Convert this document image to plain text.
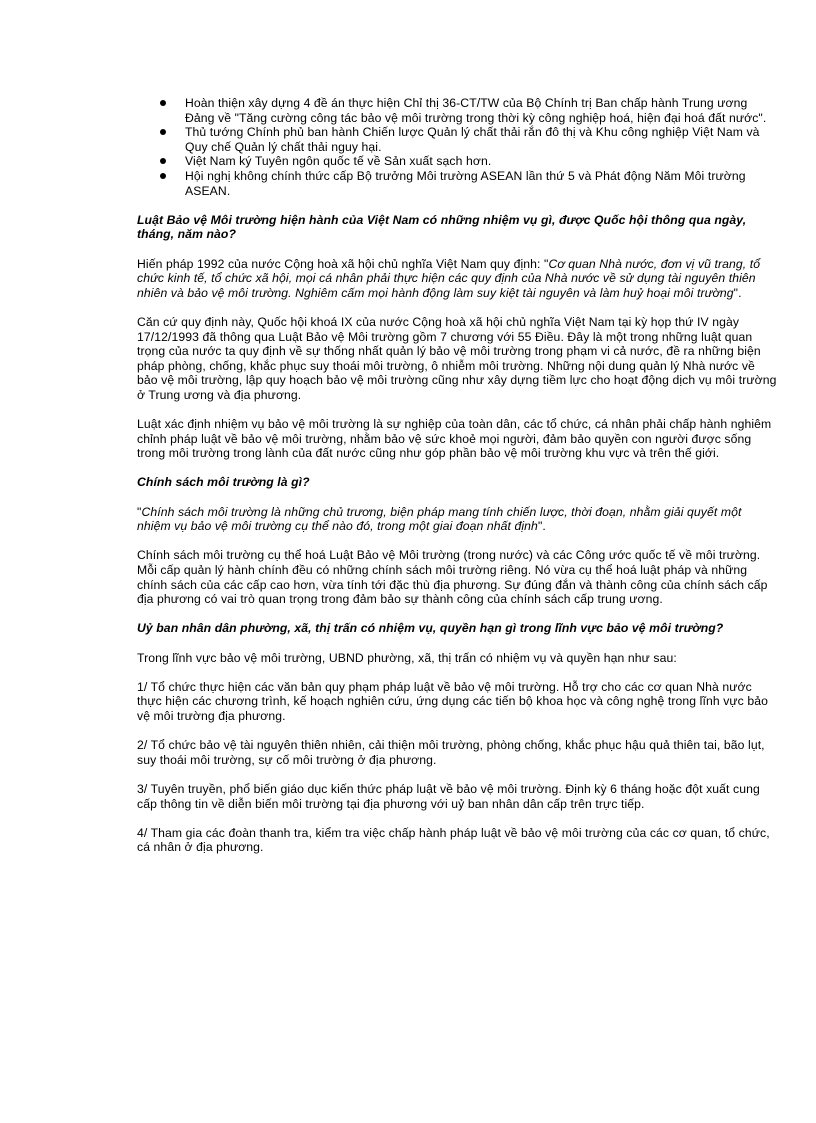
Hoàn thiện xây dựng 4 đề án thực hiện Chỉ thị 36-CT/TW của Bộ Chính trị Ban chấp hành Trung ương Đảng về "Tăng cường công tác bảo vệ môi trường trong thời kỳ công nghiệp hoá, hiện đại hoá đất nước".
Thủ tướng Chính phủ ban hành Chiến lược Quản lý chất thải rắn đô thị và Khu công nghiệp Việt Nam và Quy chế Quản lý chất thải nguy hại.
Việt Nam ký Tuyên ngôn quốc tế về Sản xuất sạch hơn.
Hội nghị không chính thức cấp Bộ trưởng Môi trường ASEAN lần thứ 5 và Phát động Năm Môi trường ASEAN.

Luật Bảo vệ Môi trường hiện hành của Việt Nam có những nhiệm vụ gì, được Quốc hội thông qua ngày, tháng, năm nào?

Hiến pháp 1992 của nước Cộng hoà xã hội chủ nghĩa Việt Nam quy định: "Cơ quan Nhà nước, đơn vị vũ trang, tổ chức kinh tế, tổ chức xã hội, mọi cá nhân phải thực hiện các quy định của Nhà nước về sử dụng tài nguyên thiên nhiên và bảo vệ môi trường. Nghiêm cấm mọi hành động làm suy kiệt tài nguyên và làm huỷ hoại môi trường".

Căn cứ quy định này, Quốc hội khoá IX của nước Cộng hoà xã hội chủ nghĩa Việt Nam tại kỳ họp thứ IV ngày 17/12/1993 đã thông qua Luật Bảo vệ Môi trường gồm 7 chương với 55 Điều. Đây là một trong những luật quan trọng của nước ta quy định về sự thống nhất quản lý bảo vệ môi trường trong phạm vi cả nước, đề ra những biện pháp phòng, chống, khắc phục suy thoái môi trường, ô nhiễm môi trường. Những nội dung quản lý Nhà nước về bảo vệ môi trường, lập quy hoạch bảo vệ môi trường cũng như xây dựng tiềm lực cho hoạt động dịch vụ môi trường ở Trung ương và địa phương.

Luật xác định nhiệm vụ bảo vệ môi trường là sự nghiệp của toàn dân, các tổ chức, cá nhân phải chấp hành nghiêm chỉnh pháp luật về bảo vệ môi trường, nhằm bảo vệ sức khoẻ mọi người, đảm bảo quyền con người được sống trong môi trường trong lành của đất nước cũng như góp phần bảo vệ môi trường khu vực và trên thế giới.

Chính sách môi trường là gì?

"Chính sách môi trường là những chủ trương, biện pháp mang tính chiến lược, thời đoạn, nhằm giải quyết một nhiệm vụ bảo vệ môi trường cụ thể nào đó, trong một giai đoạn nhất định".

Chính sách môi trường cụ thể hoá Luật Bảo vệ Môi trường (trong nước) và các Công ước quốc tế về môi trường. Mỗi cấp quản lý hành chính đều có những chính sách môi trường riêng. Nó vừa cụ thể hoá luật pháp và những chính sách của các cấp cao hơn, vừa tính tới đặc thù địa phương. Sự đúng đắn và thành công của chính sách cấp địa phương có vai trò quan trọng trong đảm bảo sự thành công của chính sách cấp trung ương.

Uỷ ban nhân dân phường, xã, thị trấn có nhiệm vụ, quyền hạn gì trong lĩnh vực bảo vệ môi trường?

Trong lĩnh vực bảo vệ môi trường, UBND phường, xã, thị trấn có nhiệm vụ và quyền hạn như sau:

1/ Tổ chức thực hiện các văn bản quy phạm pháp luật về bảo vệ môi trường. Hỗ trợ cho các cơ quan Nhà nước thực hiện các chương trình, kế hoạch nghiên cứu, ứng dụng các tiến bộ khoa học và công nghệ trong lĩnh vực bảo vệ môi trường địa phương.

2/ Tổ chức bảo vệ tài nguyên thiên nhiên, cải thiện môi trường, phòng chống, khắc phục hậu quả thiên tai, bão lụt, suy thoái môi trường, sự cố môi trường ở địa phương.

3/ Tuyên truyền, phổ biến giáo dục kiến thức pháp luật về bảo vệ môi trường. Định kỳ 6 tháng hoặc đột xuất cung cấp thông tin về diễn biến môi trường tại địa phương với uỷ ban nhân dân cấp trên trực tiếp.

4/ Tham gia các đoàn thanh tra, kiểm tra việc chấp hành pháp luật về bảo vệ môi trường của các cơ quan, tổ chức, cá nhân ở địa phương.
